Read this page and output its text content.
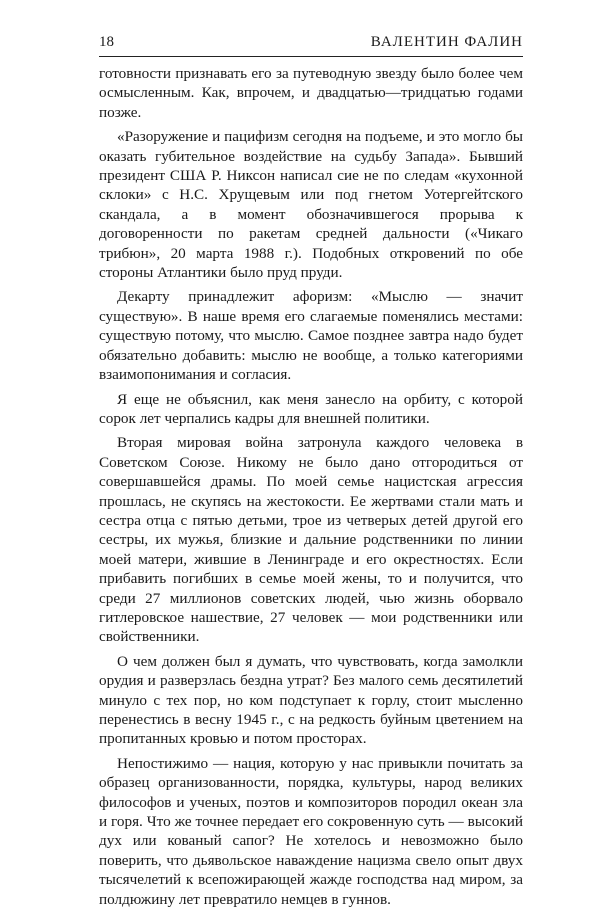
18	ВАЛЕНТИН ФАЛИН

готовности признавать его за путеводную звезду было более чем осмысленным. Как, впрочем, и двадцатью—тридцатью годами позже.

«Разоружение и пацифизм сегодня на подъеме, и это могло бы оказать губительное воздействие на судьбу Запада». Бывший президент США Р. Никсон написал сие не по следам «кухонной склоки» с Н.С. Хрущевым или под гнетом Уотергейтского скандала, а в момент обозначившегося прорыва к договоренности по ракетам средней дальности («Чикаго трибюн», 20 марта 1988 г.). Подобных откровений по обе стороны Атлантики было пруд пруди.

Декарту принадлежит афоризм: «Мыслю — значит существую». В наше время его слагаемые поменялись местами: существую потому, что мыслю. Самое позднее завтра надо будет обязательно добавить: мыслю не вообще, а только категориями взаимопонимания и согласия.

Я еще не объяснил, как меня занесло на орбиту, с которой сорок лет черпались кадры для внешней политики.

Вторая мировая война затронула каждого человека в Советском Союзе. Никому не было дано отгородиться от совершавшейся драмы. По моей семье нацистская агрессия прошлась, не скупясь на жестокости. Ее жертвами стали мать и сестра отца с пятью детьми, трое из четверых детей другой его сестры, их мужья, близкие и дальние родственники по линии моей матери, жившие в Ленинграде и его окрестностях. Если прибавить погибших в семье моей жены, то и получится, что среди 27 миллионов советских людей, чью жизнь оборвало гитлеровское нашествие, 27 человек — мои родственники или свойственники.

О чем должен был я думать, что чувствовать, когда замолкли орудия и разверзлась бездна утрат? Без малого семь десятилетий минуло с тех пор, но ком подступает к горлу, стоит мысленно перенестись в весну 1945 г., с на редкость буйным цветением на пропитанных кровью и потом просторах.

Непостижимо — нация, которую у нас привыкли почитать за образец организованности, порядка, культуры, народ великих философов и ученых, поэтов и композиторов породил океан зла и горя. Что же точнее передает его сокровенную суть — высокий дух или кованый сапог? Не хотелось и невозможно было поверить, что дьявольское наваждение нацизма свело опыт двух тысячелетий к всепожирающей жажде господства над миром, за полдюжину лет превратило немцев в гуннов.
